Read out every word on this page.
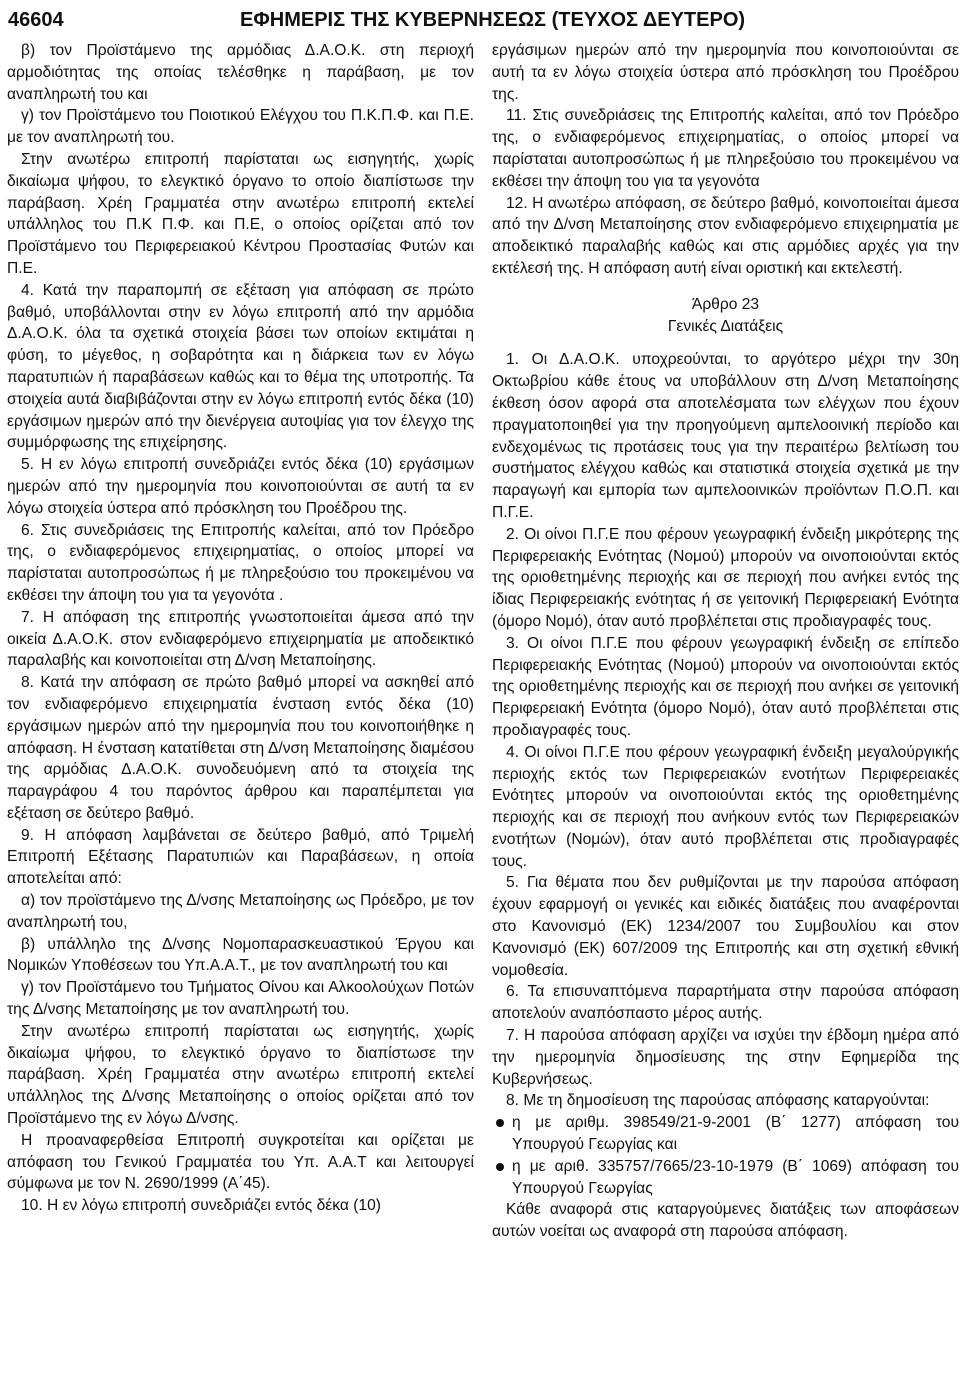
46604	ΕΦΗΜΕΡΙΣ ΤΗΣ ΚΥΒΕΡΝΗΣΕΩΣ (ΤΕΥΧΟΣ ΔΕΥΤΕΡΟ)

β) τον Προϊστάμενο της αρμόδιας Δ.Α.Ο.Κ. στη περιοχή αρμοδιότητας της οποίας τελέσθηκε η παράβαση, με τον αναπληρωτή του και

γ) τον Προϊστάμενο του Ποιοτικού Ελέγχου του Π.Κ.Π.Φ. και Π.Ε. με τον αναπληρωτή του.

Στην ανωτέρω επιτροπή παρίσταται ως εισηγητής, χωρίς δικαίωμα ψήφου, το ελεγκτικό όργανο το οποίο διαπίστωσε την παράβαση. Χρέη Γραμματέα στην ανωτέρω επιτροπή εκτελεί υπάλληλος του Π.Κ Π.Φ. και Π.Ε, ο οποίος ορίζεται από τον Προϊστάμενο του Περιφερειακού Κέντρου Προστασίας Φυτών και Π.Ε.

4. Κατά την παραπομπή σε εξέταση για απόφαση σε πρώτο βαθμό, υποβάλλονται στην εν λόγω επιτροπή από την αρμόδια Δ.Α.Ο.Κ. όλα τα σχετικά στοιχεία βάσει των οποίων εκτιμάται η φύση, το μέγεθος, η σοβαρότητα και η διάρκεια των εν λόγω παρατυπιών ή παραβάσεων καθώς και το θέμα της υποτροπής. Τα στοιχεία αυτά διαβιβάζονται στην εν λόγω επιτροπή εντός δέκα (10) εργάσιμων ημερών από την διενέργεια αυτοψίας για τον έλεγχο της συμμόρφωσης της επιχείρησης.

5. Η εν λόγω επιτροπή συνεδριάζει εντός δέκα (10) εργάσιμων ημερών από την ημερομηνία που κοινοποιούνται σε αυτή τα εν λόγω στοιχεία ύστερα από πρόσκληση του Προέδρου της.

6. Στις συνεδριάσεις της Επιτροπής καλείται, από τον Πρόεδρο της, ο ενδιαφερόμενος επιχειρηματίας, ο οποίος μπορεί να παρίσταται αυτοπροσώπως ή με πληρεξούσιο του προκειμένου να εκθέσει την άποψη του για τα γεγονότα .

7. Η απόφαση της επιτροπής γνωστοποιείται άμεσα από την οικεία Δ.Α.Ο.Κ. στον ενδιαφερόμενο επιχειρηματία με αποδεικτικό παραλαβής και κοινοποιείται στη Δ/νση Μεταποίησης.

8. Κατά την απόφαση σε πρώτο βαθμό μπορεί να ασκηθεί από τον ενδιαφερόμενο επιχειρηματία ένσταση εντός δέκα (10) εργάσιμων ημερών από την ημερομηνία που του κοινοποιήθηκε η απόφαση. Η ένσταση κατατίθεται στη Δ/νση Μεταποίησης διαμέσου της αρμόδιας Δ.Α.Ο.Κ. συνοδευόμενη από τα στοιχεία της παραγράφου 4 του παρόντος άρθρου και παραπέμπεται για εξέταση σε δεύτερο βαθμό.

9. Η απόφαση λαμβάνεται σε δεύτερο βαθμό, από Τριμελή Επιτροπή Εξέτασης Παρατυπιών και Παραβάσεων, η οποία αποτελείται από:

α) τον προϊστάμενο της Δ/νσης Μεταποίησης ως Πρόεδρο, με τον αναπληρωτή του,

β) υπάλληλο της Δ/νσης Νομοπαρασκευαστικού Έργου και Νομικών Υποθέσεων του Υπ.Α.Α.Τ., με τον αναπληρωτή του και

γ) τον Προϊστάμενο του Τμήματος Οίνου και Αλκοολούχων Ποτών της Δ/νσης Μεταποίησης με τον αναπληρωτή του.

Στην ανωτέρω επιτροπή παρίσταται ως εισηγητής, χωρίς δικαίωμα ψήφου, το ελεγκτικό όργανο το διαπίστωσε την παράβαση. Χρέη Γραμματέα στην ανωτέρω επιτροπή εκτελεί υπάλληλος της Δ/νσης Μεταποίησης ο οποίος ορίζεται από τον Προϊστάμενο της εν λόγω Δ/νσης.

Η προαναφερθείσα Επιτροπή συγκροτείται και ορίζεται με απόφαση του Γενικού Γραμματέα του Υπ. Α.Α.Τ και λειτουργεί σύμφωνα με τον Ν. 2690/1999 (Α΄45).

10. Η εν λόγω επιτροπή συνεδριάζει εντός δέκα (10)

εργάσιμων ημερών από την ημερομηνία που κοινοποιούνται σε αυτή τα εν λόγω στοιχεία ύστερα από πρόσκληση του Προέδρου της.

11. Στις συνεδριάσεις της Επιτροπής καλείται, από τον Πρόεδρο της, ο ενδιαφερόμενος επιχειρηματίας, ο οποίος μπορεί να παρίσταται αυτοπροσώπως ή με πληρεξούσιο του προκειμένου να εκθέσει την άποψη του για τα γεγονότα

12. Η ανωτέρω απόφαση, σε δεύτερο βαθμό, κοινοποιείται άμεσα από την Δ/νση Μεταποίησης στον ενδιαφερόμενο επιχειρηματία με αποδεικτικό παραλαβής καθώς και στις αρμόδιες αρχές για την εκτέλεσή της. Η απόφαση αυτή είναι οριστική και εκτελεστή.

Άρθρο 23
Γενικές Διατάξεις

1. Οι Δ.Α.Ο.Κ. υποχρεούνται, το αργότερο μέχρι την 30η Οκτωβρίου κάθε έτους να υποβάλλουν στη Δ/νση Μεταποίησης έκθεση όσον αφορά στα αποτελέσματα των ελέγχων που έχουν πραγματοποιηθεί για την προηγούμενη αμπελοοινική περίοδο και ενδεχομένως τις προτάσεις τους για την περαιτέρω βελτίωση του συστήματος ελέγχου καθώς και στατιστικά στοιχεία σχετικά με την παραγωγή και εμπορία των αμπελοοινικών προϊόντων Π.Ο.Π. και Π.Γ.Ε.

2. Οι οίνοι Π.Γ.Ε που φέρουν γεωγραφική ένδειξη μικρότερης της Περιφερειακής Ενότητας (Νομού) μπορούν να οινοποιούνται εκτός της οριοθετημένης περιοχής και σε περιοχή που ανήκει εντός της ίδιας Περιφερειακής ενότητας ή σε γειτονική Περιφερειακή Ενότητα (όμορο Νομό), όταν αυτό προβλέπεται στις προδιαγραφές τους.

3. Οι οίνοι Π.Γ.Ε που φέρουν γεωγραφική ένδειξη σε επίπεδο Περιφερειακής Ενότητας (Νομού) μπορούν να οινοποιούνται εκτός της οριοθετημένης περιοχής και σε περιοχή που ανήκει σε γειτονική Περιφερειακή Ενότητα (όμορο Νομό), όταν αυτό προβλέπεται στις προδιαγραφές τους.

4. Οι οίνοι Π.Γ.Ε που φέρουν γεωγραφική ένδειξη μεγαλούργικής περιοχής εκτός των Περιφερειακών ενοτήτων Περιφερειακές Ενότητες μπορούν να οινοποιούνται εκτός της οριοθετημένης περιοχής και σε περιοχή που ανήκουν εντός των Περιφερειακών ενοτήτων (Νομών), όταν αυτό προβλέπεται στις προδιαγραφές τους.

5. Για θέματα που δεν ρυθμίζονται με την παρούσα απόφαση έχουν εφαρμογή οι γενικές και ειδικές διατάξεις που αναφέρονται στο Κανονισμό (ΕΚ) 1234/2007 του Συμβουλίου και στον Κανονισμό (ΕΚ) 607/2009 της Επιτροπής και στη σχετική εθνική νομοθεσία.

6. Τα επισυναπτόμενα παραρτήματα στην παρούσα απόφαση αποτελούν αναπόσπαστο μέρος αυτής.

7. Η παρούσα απόφαση αρχίζει να ισχύει την έβδομη ημέρα από την ημερομηνία δημοσίευσης της στην Εφημερίδα της Κυβερνήσεως.

8. Με τη δημοσίευση της παρούσας απόφασης καταργούνται:

η με αριθμ. 398549/21-9-2001 (Β΄ 1277) απόφαση του Υπουργού Γεωργίας και

η με αριθ. 335757/7665/23-10-1979 (Β΄ 1069) απόφαση του Υπουργού Γεωργίας

Κάθε αναφορά στις καταργούμενες διατάξεις των αποφάσεων αυτών νοείται ως αναφορά στη παρούσα απόφαση.
